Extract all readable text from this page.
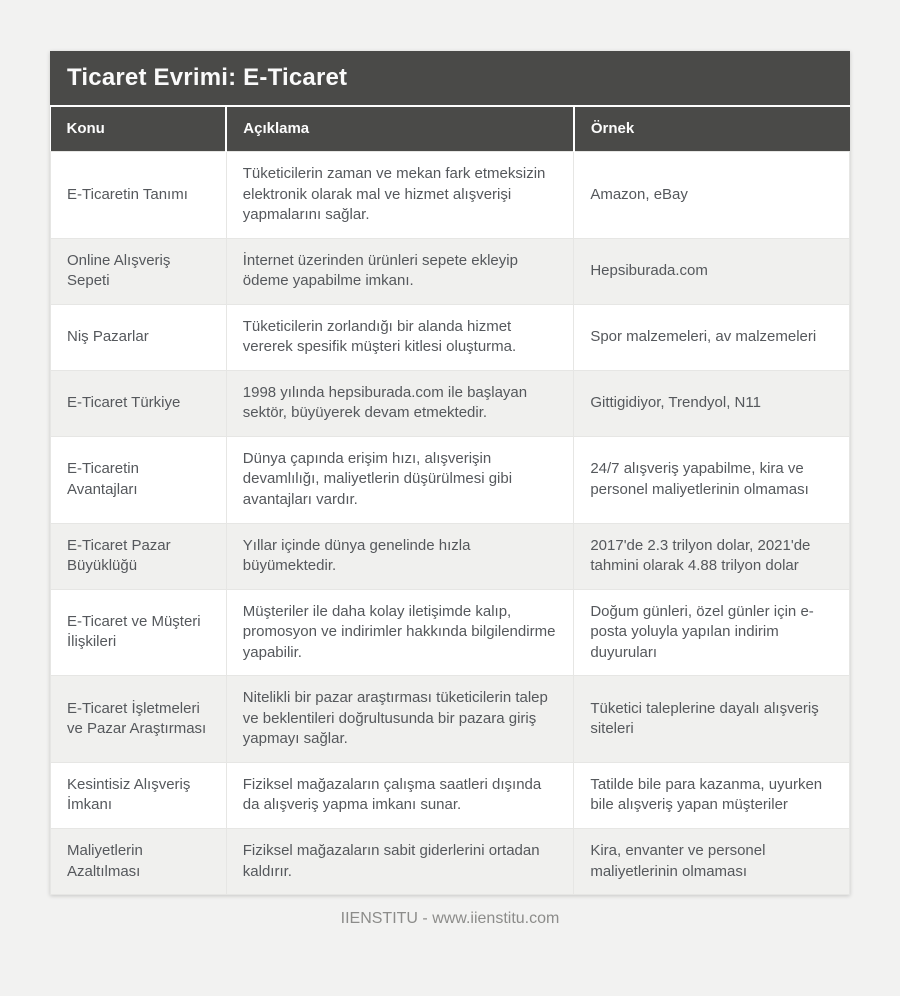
Ticaret Evrimi: E-Ticaret
Konu	Açıklama	Örnek
E-Ticaretin Tanımı	Tüketicilerin zaman ve mekan fark etmeksizin elektronik olarak mal ve hizmet alışverişi yapmalarını sağlar.	Amazon, eBay
Online Alışveriş Sepeti	İnternet üzerinden ürünleri sepete ekleyip ödeme yapabilme imkanı.	Hepsiburada.com
Niş Pazarlar	Tüketicilerin zorlandığı bir alanda hizmet vererek spesifik müşteri kitlesi oluşturma.	Spor malzemeleri, av malzemeleri
E-Ticaret Türkiye	1998 yılında hepsiburada.com ile başlayan sektör, büyüyerek devam etmektedir.	Gittigidiyor, Trendyol, N11
E-Ticaretin Avantajları	Dünya çapında erişim hızı, alışverişin devamlılığı, maliyetlerin düşürülmesi gibi avantajları vardır.	24/7 alışveriş yapabilme, kira ve personel maliyetlerinin olmaması
E-Ticaret Pazar Büyüklüğü	Yıllar içinde dünya genelinde hızla büyümektedir.	2017'de 2.3 trilyon dolar, 2021'de tahmini olarak 4.88 trilyon dolar
E-Ticaret ve Müşteri İlişkileri	Müşteriler ile daha kolay iletişimde kalıp, promosyon ve indirimler hakkında bilgilendirme yapabilir.	Doğum günleri, özel günler için e-posta yoluyla yapılan indirim duyuruları
E-Ticaret İşletmeleri ve Pazar Araştırması	Nitelikli bir pazar araştırması tüketicilerin talep ve beklentileri doğrultusunda bir pazara giriş yapmayı sağlar.	Tüketici taleplerine dayalı alışveriş siteleri
Kesintisiz Alışveriş İmkanı	Fiziksel mağazaların çalışma saatleri dışında da alışveriş yapma imkanı sunar.	Tatilde bile para kazanma, uyurken bile alışveriş yapan müşteriler
Maliyetlerin Azaltılması	Fiziksel mağazaların sabit giderlerini ortadan kaldırır.	Kira, envanter ve personel maliyetlerinin olmaması
IIENSTITU - www.iienstitu.com
